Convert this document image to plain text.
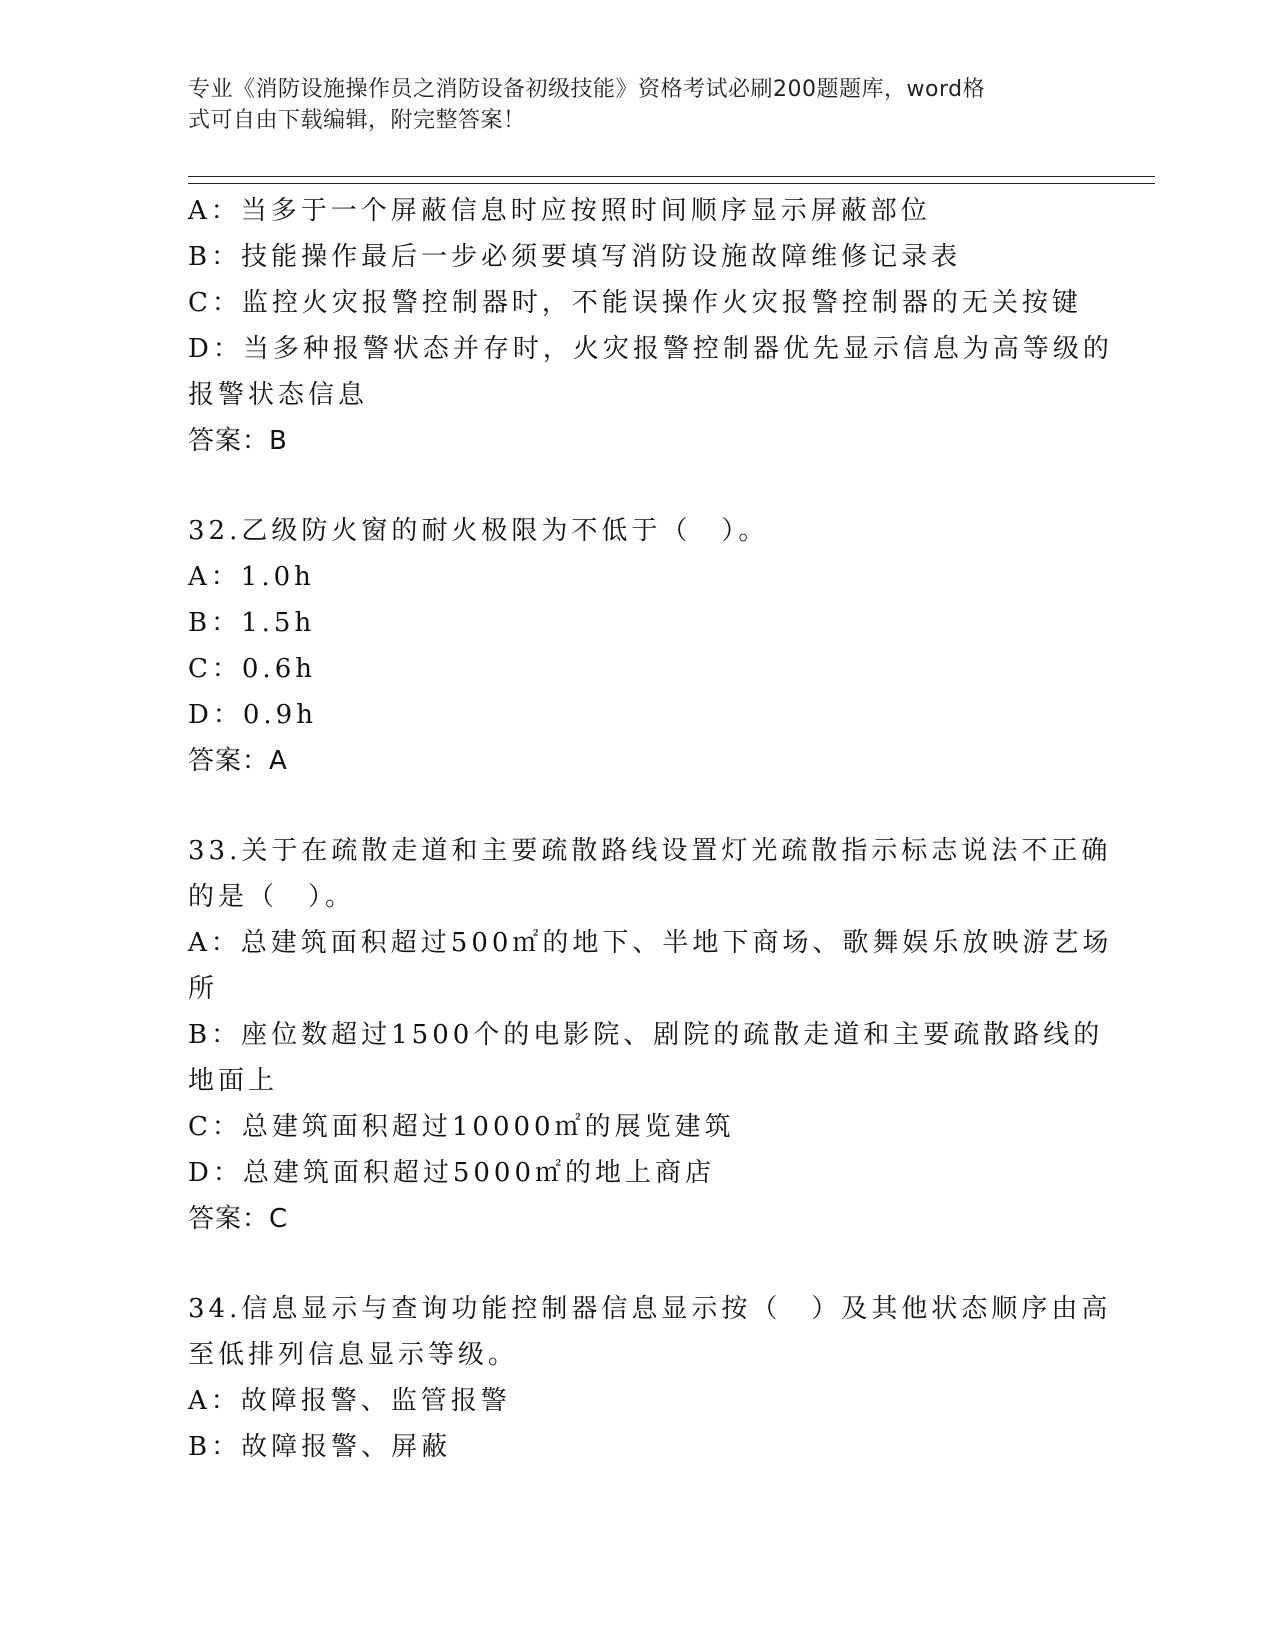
专业《消防设施操作员之消防设备初级技能》资格考试必刷200题题库，word格
式可自由下载编辑，附完整答案！
A：当多于一个屏蔽信息时应按照时间顺序显示屏蔽部位
B：技能操作最后一步必须要填写消防设施故障维修记录表
C：监控火灾报警控制器时，不能误操作火灾报警控制器的无关按键
D：当多种报警状态并存时，火灾报警控制器优先显示信息为高等级的
报警状态信息
答案：B
32.乙级防火窗的耐火极限为不低于（　）。
A：1.0h
B：1.5h
C：0.6h
D：0.9h
答案：A
33.关于在疏散走道和主要疏散路线设置灯光疏散指示标志说法不正确
的是（　）。
A：总建筑面积超过500㎡的地下、半地下商场、歌舞娱乐放映游艺场
所
B：座位数超过1500个的电影院、剧院的疏散走道和主要疏散路线的
地面上
C：总建筑面积超过10000㎡的展览建筑
D：总建筑面积超过5000㎡的地上商店
答案：C
34.信息显示与查询功能控制器信息显示按（　）及其他状态顺序由高
至低排列信息显示等级。
A：故障报警、监管报警
B：故障报警、屏蔽
